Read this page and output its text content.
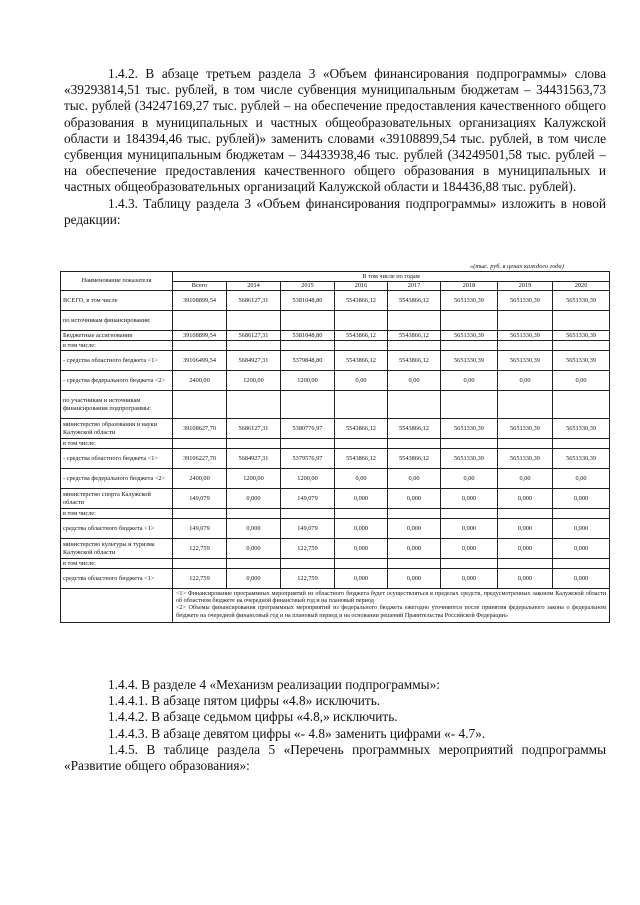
1.4.2. В абзаце третьем раздела 3 «Объем финансирования подпрограммы» слова «39293814,51 тыс. рублей, в том числе субвенция муниципальным бюджетам – 34431563,73 тыс. рублей (34247169,27 тыс. рублей – на обеспечение предоставления качественного общего образования в муниципальных и частных общеобразовательных организациях Калужской области и 184394,46 тыс. рублей)» заменить словами «39108899,54 тыс. рублей, в том числе субвенция муниципальным бюджетам – 34433938,46 тыс. рублей (34249501,58 тыс. рублей – на обеспечение предоставления качественного общего образования в муниципальных и частных общеобразовательных организаций Калужской области и 184436,88 тыс. рублей).

1.4.3. Таблицу раздела 3 «Объем финансирования подпрограммы» изложить в новой редакции:

«(тыс. руб. в ценах каждого года)
Наименование показателя	В том числе по годам							
	Всего	2014	2015	2016	2017	2018	2019	2020
ВСЕГО, в том числе	39108899,54	5686127,31	5381048,80	5543866,12	5543866,12	5651330,39	5651330,39	5651330,39
по источникам финансирования:								
Бюджетные ассигнования	39108899,54	5686127,31	5381048,80	5543866,12	5543866,12	5651330,39	5651330,39	5651330,39
в том числе:								
- средства областного бюджета <1>	39106499,54	5684927,31	5379848,80	5543866,12	5543866,12	5651330,39	5651330,39	5651330,39
- средства федерального бюджета <2>	2400,00	1200,00	1200,00	0,00	0,00	0,00	0,00	0,00
по участникам и источникам финансирования подпрограммы:								
министерство образования и науки Калужской области	39108627,70	5686127,31	5380776,97	5543866,12	5543866,12	5651330,39	5651330,39	5651330,39
в том числе:								
- средства областного бюджета <1>	39106227,70	5684927,31	5379576,97	5543866,12	5543866,12	5651330,39	5651330,39	5651330,39
- средства федерального бюджета <2>	2400,00	1200,00	1200,00	0,00	0,00	0,00	0,00	0,00
министерство спорта Калужской области	149,079	0,000	149,079	0,000	0,000	0,000	0,000	0,000
в том числе:								
средства областного бюджета <1>	149,079	0,000	149,079	0,000	0,000	0,000	0,000	0,000
министерство культуры и туризма Калужской области	122,759	0,000	122,759	0,000	0,000	0,000	0,000	0,000
в том числе:								
средства областного бюджета <1>	122,759	0,000	122,759	0,000	0,000	0,000	0,000	0,000

	<1> Финансирование программных мероприятий из областного бюджета будет осуществляться в пределах средств, предусмотренных законом Калужской области об областном бюджете на очередной финансовый год и на плановый период
<2> Объемы финансирования программных мероприятий из федерального бюджета ежегодно уточняются после принятия федерального закона о федеральном бюджете на очередной финансовый год и на плановый период и на основании решений Правительства Российской Федерации»							

1.4.4. В разделе 4 «Механизм реализации подпрограммы»:

1.4.4.1. В абзаце пятом цифры «4.8» исключить.

1.4.4.2. В абзаце седьмом цифры «4.8,» исключить.

1.4.4.3. В абзаце девятом цифры «- 4.8» заменить цифрами «- 4.7».

1.4.5. В таблице раздела 5 «Перечень программных мероприятий подпрограммы «Развитие общего образования»:
